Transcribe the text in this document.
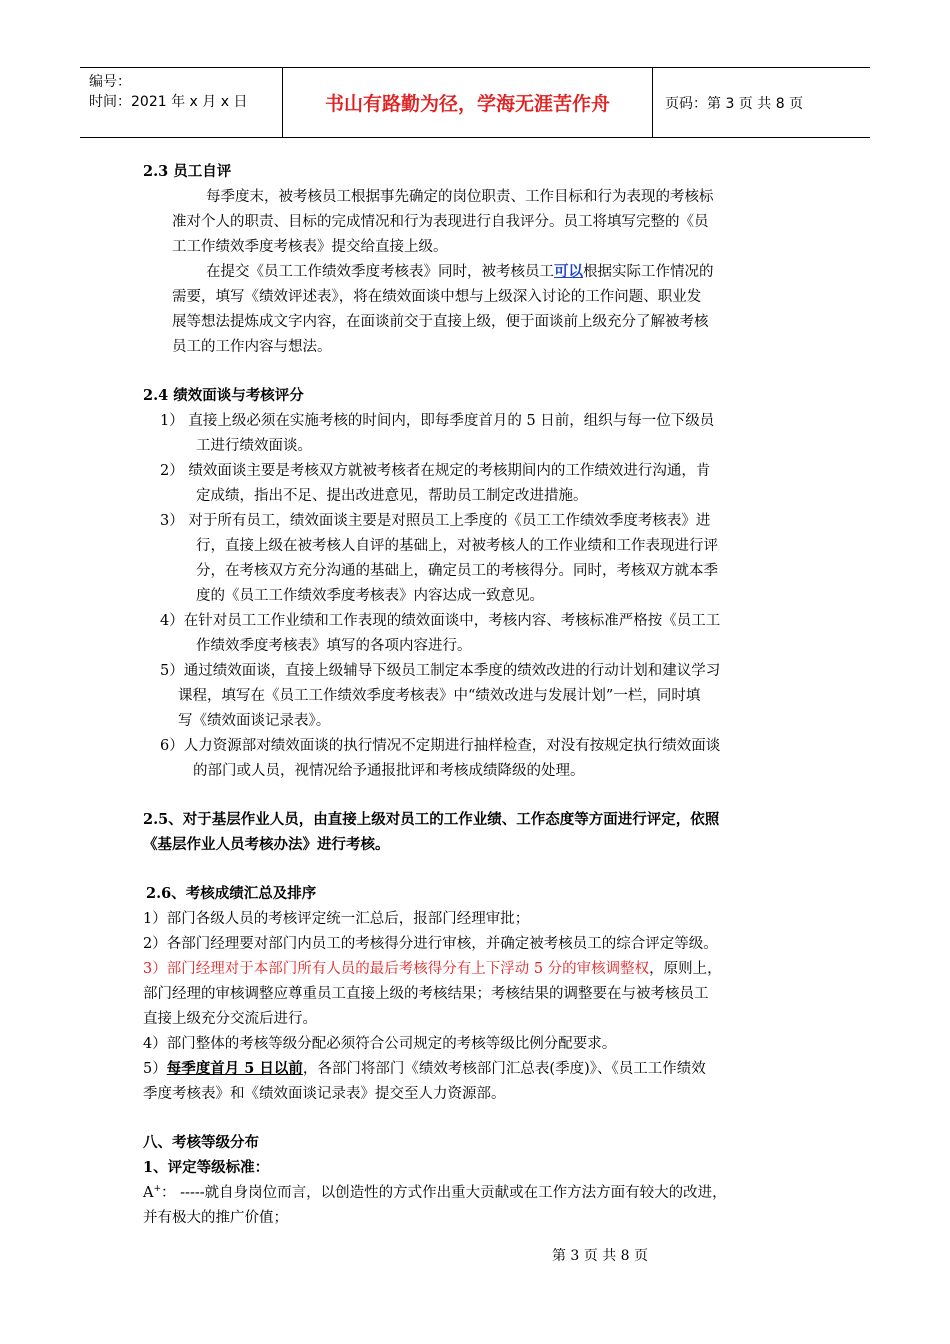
编号：
时间：2021 年 x 月 x 日	书山有路勤为径，学海无涯苦作舟	页码：第 3 页 共 8 页
2.3 员工自评
每季度末，被考核员工根据事先确定的岗位职责、工作目标和行为表现的考核标
准对个人的职责、目标的完成情况和行为表现进行自我评分。员工将填写完整的《员
工工作绩效季度考核表》提交给直接上级。
在提交《员工工作绩效季度考核表》同时，被考核员工可以根据实际工作情况的
需要，填写《绩效评述表》，将在绩效面谈中想与上级深入讨论的工作问题、职业发
展等想法提炼成文字内容，在面谈前交于直接上级，便于面谈前上级充分了解被考核
员工的工作内容与想法。
2.4 绩效面谈与考核评分
1） 直接上级必须在实施考核的时间内，即每季度首月的 5 日前，组织与每一位下级员
工进行绩效面谈。
2） 绩效面谈主要是考核双方就被考核者在规定的考核期间内的工作绩效进行沟通，肯
定成绩，指出不足、提出改进意见，帮助员工制定改进措施。
3） 对于所有员工，绩效面谈主要是对照员工上季度的《员工工作绩效季度考核表》进
行，直接上级在被考核人自评的基础上，对被考核人的工作业绩和工作表现进行评
分，在考核双方充分沟通的基础上，确定员工的考核得分。同时，考核双方就本季
度的《员工工作绩效季度考核表》内容达成一致意见。
4）在针对员工工作业绩和工作表现的绩效面谈中，考核内容、考核标准严格按《员工工
作绩效季度考核表》填写的各项内容进行。
5）通过绩效面谈，直接上级辅导下级员工制定本季度的绩效改进的行动计划和建议学习
课程，填写在《员工工作绩效季度考核表》中“绩效改进与发展计划”一栏，同时填
写《绩效面谈记录表》。
6）人力资源部对绩效面谈的执行情况不定期进行抽样检查，对没有按规定执行绩效面谈
的部门或人员，视情况给予通报批评和考核成绩降级的处理。
2.5、对于基层作业人员，由直接上级对员工的工作业绩、工作态度等方面进行评定，依照
《基层作业人员考核办法》进行考核。
2.6、考核成绩汇总及排序
1）部门各级人员的考核评定统一汇总后，报部门经理审批；
2）各部门经理要对部门内员工的考核得分进行审核，并确定被考核员工的综合评定等级。
3）部门经理对于本部门所有人员的最后考核得分有上下浮动 5 分的审核调整权，原则上，
部门经理的审核调整应尊重员工直接上级的考核结果；考核结果的调整要在与被考核员工
直接上级充分交流后进行。
4）部门整体的考核等级分配必须符合公司规定的考核等级比例分配要求。
5）每季度首月 5 日以前，各部门将部门《绩效考核部门汇总表(季度)》、《员工工作绩效
季度考核表》和《绩效面谈记录表》提交至人力资源部。
八、考核等级分布
1、评定等级标准：
A+： -----就自身岗位而言，以创造性的方式作出重大贡献或在工作方法方面有较大的改进，
并有极大的推广价值；
第 3 页 共 8 页
